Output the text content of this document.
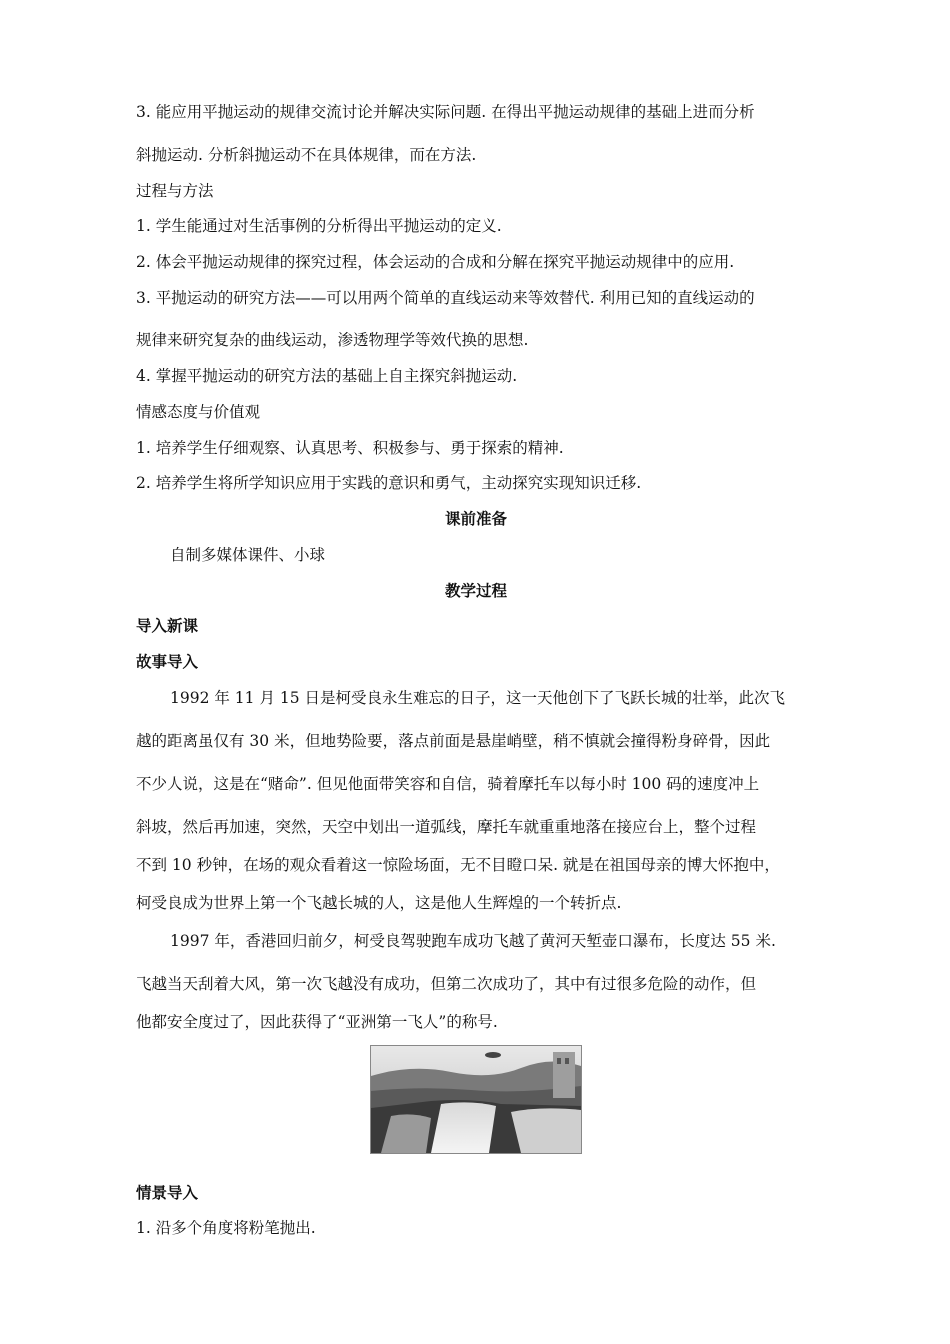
3. 能应用平抛运动的规律交流讨论并解决实际问题. 在得出平抛运动规律的基础上进而分析
斜抛运动. 分析斜抛运动不在具体规律，而在方法.
过程与方法
1. 学生能通过对生活事例的分析得出平抛运动的定义.
2. 体会平抛运动规律的探究过程，体会运动的合成和分解在探究平抛运动规律中的应用.
3. 平抛运动的研究方法——可以用两个简单的直线运动来等效替代. 利用已知的直线运动的
规律来研究复杂的曲线运动，渗透物理学等效代换的思想.
4. 掌握平抛运动的研究方法的基础上自主探究斜抛运动.
情感态度与价值观
1. 培养学生仔细观察、认真思考、积极参与、勇于探索的精神.
2. 培养学生将所学知识应用于实践的意识和勇气，主动探究实现知识迁移.
课前准备
自制多媒体课件、小球
教学过程
导入新课
故事导入
1992 年 11 月 15 日是柯受良永生难忘的日子，这一天他创下了飞跃长城的壮举，此次飞
越的距离虽仅有 30 米，但地势险要，落点前面是悬崖峭壁，稍不慎就会撞得粉身碎骨，因此
不少人说，这是在“赌命”. 但见他面带笑容和自信，骑着摩托车以每小时 100 码的速度冲上
斜坡，然后再加速，突然，天空中划出一道弧线，摩托车就重重地落在接应台上，整个过程
不到 10 秒钟，在场的观众看着这一惊险场面，无不目瞪口呆. 就是在祖国母亲的博大怀抱中，
柯受良成为世界上第一个飞越长城的人，这是他人生辉煌的一个转折点.
1997 年，香港回归前夕，柯受良驾驶跑车成功飞越了黄河天堑壶口瀑布，长度达 55 米.
飞越当天刮着大风，第一次飞越没有成功，但第二次成功了，其中有过很多危险的动作，但
他都安全度过了，因此获得了“亚洲第一飞人”的称号.
情景导入
1. 沿多个角度将粉笔抛出.
